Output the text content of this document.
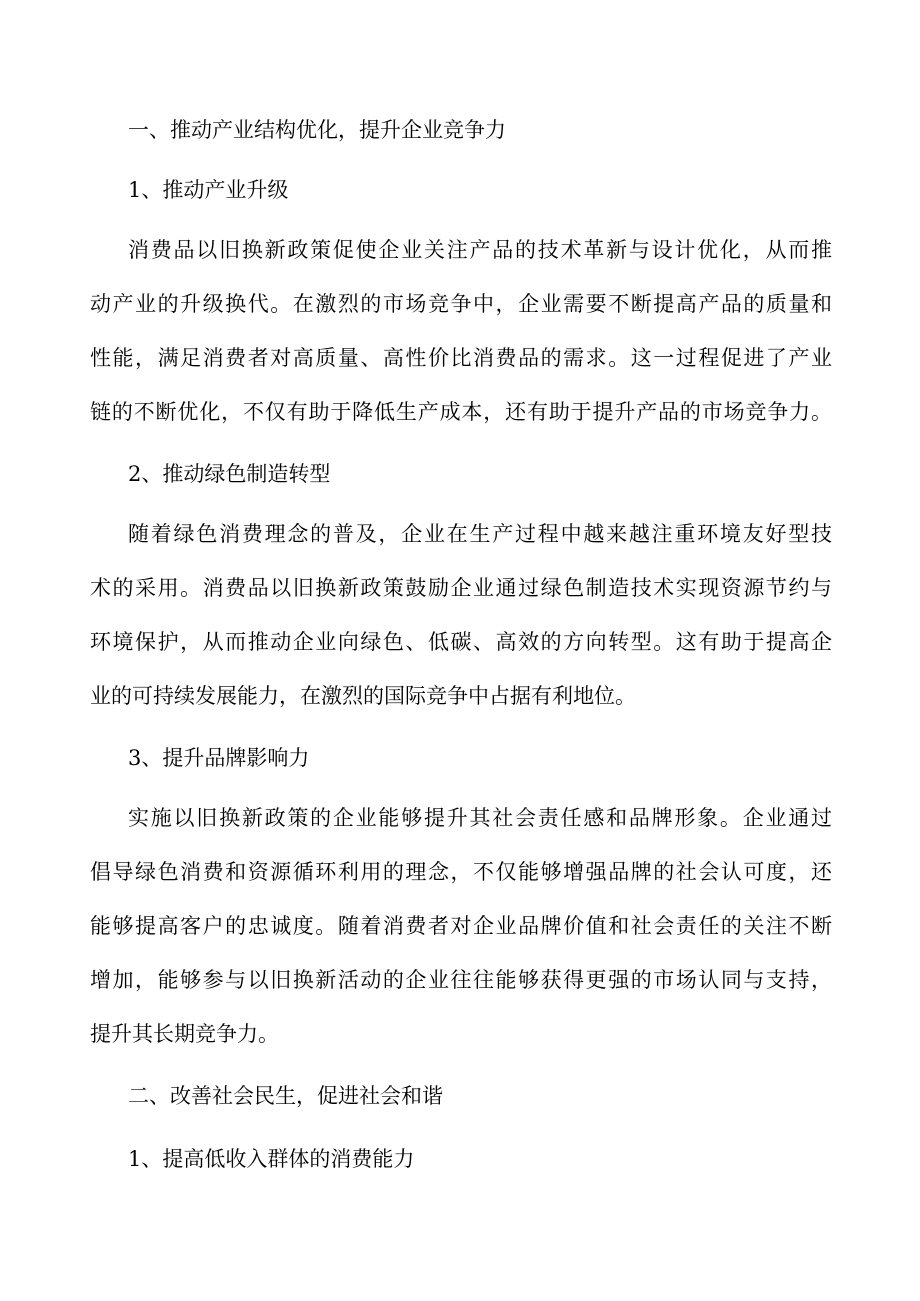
一、推动产业结构优化，提升企业竞争力
1、推动产业升级
消费品以旧换新政策促使企业关注产品的技术革新与设计优化，从而推
动产业的升级换代。在激烈的市场竞争中，企业需要不断提高产品的质量和
性能，满足消费者对高质量、高性价比消费品的需求。这一过程促进了产业
链的不断优化，不仅有助于降低生产成本，还有助于提升产品的市场竞争力。
2、推动绿色制造转型
随着绿色消费理念的普及，企业在生产过程中越来越注重环境友好型技
术的采用。消费品以旧换新政策鼓励企业通过绿色制造技术实现资源节约与
环境保护，从而推动企业向绿色、低碳、高效的方向转型。这有助于提高企
业的可持续发展能力，在激烈的国际竞争中占据有利地位。
3、提升品牌影响力
实施以旧换新政策的企业能够提升其社会责任感和品牌形象。企业通过
倡导绿色消费和资源循环利用的理念，不仅能够增强品牌的社会认可度，还
能够提高客户的忠诚度。随着消费者对企业品牌价值和社会责任的关注不断
增加，能够参与以旧换新活动的企业往往能够获得更强的市场认同与支持，
提升其长期竞争力。
二、改善社会民生，促进社会和谐
1、提高低收入群体的消费能力
